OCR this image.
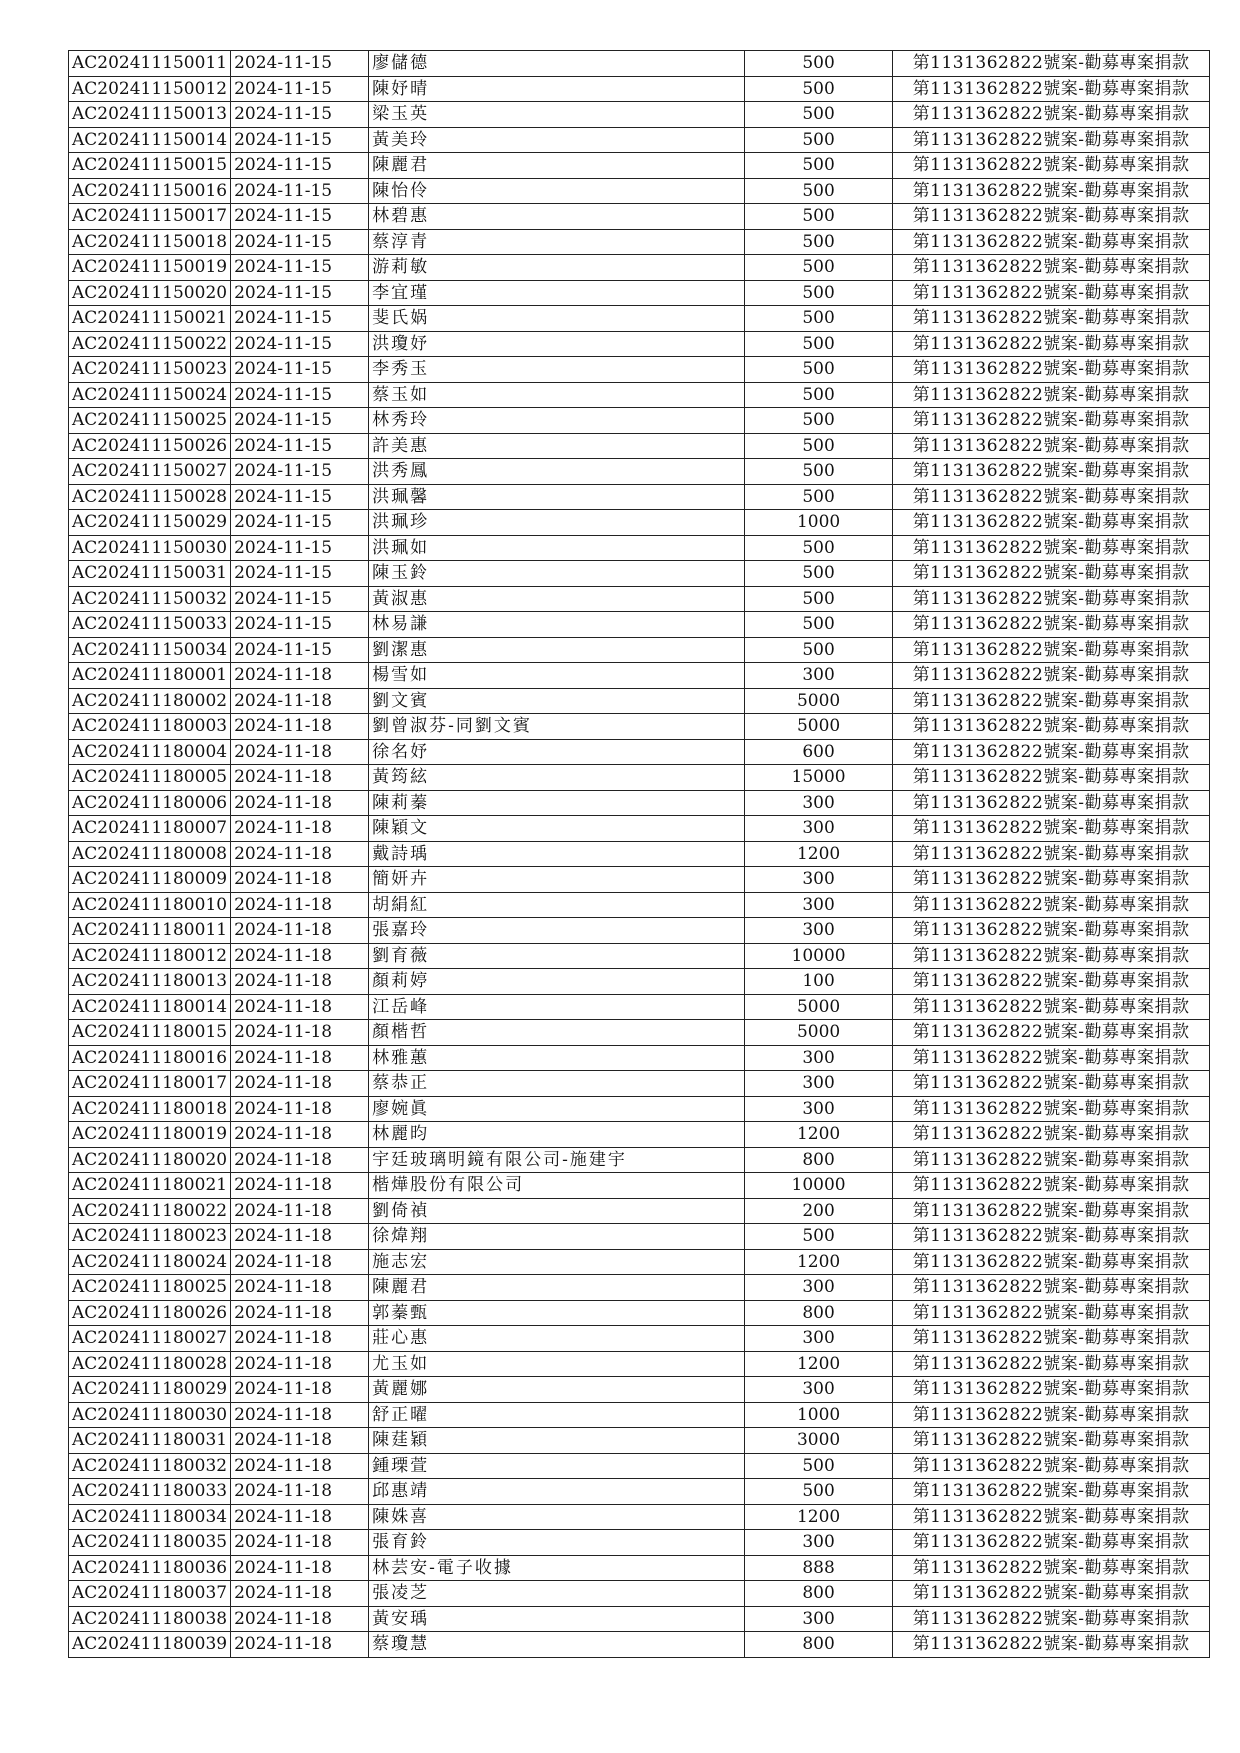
AC202411150011	2024-11-15	廖儲德	500	第1131362822號案-勸募專案捐款
AC202411150012	2024-11-15	陳妤晴	500	第1131362822號案-勸募專案捐款
AC202411150013	2024-11-15	梁玉英	500	第1131362822號案-勸募專案捐款
AC202411150014	2024-11-15	黃美玲	500	第1131362822號案-勸募專案捐款
AC202411150015	2024-11-15	陳麗君	500	第1131362822號案-勸募專案捐款
AC202411150016	2024-11-15	陳怡伶	500	第1131362822號案-勸募專案捐款
AC202411150017	2024-11-15	林碧惠	500	第1131362822號案-勸募專案捐款
AC202411150018	2024-11-15	蔡淳青	500	第1131362822號案-勸募專案捐款
AC202411150019	2024-11-15	游莉敏	500	第1131362822號案-勸募專案捐款
AC202411150020	2024-11-15	李宜瑾	500	第1131362822號案-勸募專案捐款
AC202411150021	2024-11-15	斐氏娲	500	第1131362822號案-勸募專案捐款
AC202411150022	2024-11-15	洪瓊妤	500	第1131362822號案-勸募專案捐款
AC202411150023	2024-11-15	李秀玉	500	第1131362822號案-勸募專案捐款
AC202411150024	2024-11-15	蔡玉如	500	第1131362822號案-勸募專案捐款
AC202411150025	2024-11-15	林秀玲	500	第1131362822號案-勸募專案捐款
AC202411150026	2024-11-15	許美惠	500	第1131362822號案-勸募專案捐款
AC202411150027	2024-11-15	洪秀鳳	500	第1131362822號案-勸募專案捐款
AC202411150028	2024-11-15	洪珮馨	500	第1131362822號案-勸募專案捐款
AC202411150029	2024-11-15	洪珮珍	1000	第1131362822號案-勸募專案捐款
AC202411150030	2024-11-15	洪珮如	500	第1131362822號案-勸募專案捐款
AC202411150031	2024-11-15	陳玉鈴	500	第1131362822號案-勸募專案捐款
AC202411150032	2024-11-15	黃淑惠	500	第1131362822號案-勸募專案捐款
AC202411150033	2024-11-15	林易謙	500	第1131362822號案-勸募專案捐款
AC202411150034	2024-11-15	劉潔惠	500	第1131362822號案-勸募專案捐款
AC202411180001	2024-11-18	楊雪如	300	第1131362822號案-勸募專案捐款
AC202411180002	2024-11-18	劉文賓	5000	第1131362822號案-勸募專案捐款
AC202411180003	2024-11-18	劉曾淑芬-同劉文賓	5000	第1131362822號案-勸募專案捐款
AC202411180004	2024-11-18	徐名妤	600	第1131362822號案-勸募專案捐款
AC202411180005	2024-11-18	黃筠絃	15000	第1131362822號案-勸募專案捐款
AC202411180006	2024-11-18	陳莉蓁	300	第1131362822號案-勸募專案捐款
AC202411180007	2024-11-18	陳穎文	300	第1131362822號案-勸募專案捐款
AC202411180008	2024-11-18	戴詩瑀	1200	第1131362822號案-勸募專案捐款
AC202411180009	2024-11-18	簡妍卉	300	第1131362822號案-勸募專案捐款
AC202411180010	2024-11-18	胡絹紅	300	第1131362822號案-勸募專案捐款
AC202411180011	2024-11-18	張嘉玲	300	第1131362822號案-勸募專案捐款
AC202411180012	2024-11-18	劉育薇	10000	第1131362822號案-勸募專案捐款
AC202411180013	2024-11-18	顏莉婷	100	第1131362822號案-勸募專案捐款
AC202411180014	2024-11-18	江岳峰	5000	第1131362822號案-勸募專案捐款
AC202411180015	2024-11-18	顏楷哲	5000	第1131362822號案-勸募專案捐款
AC202411180016	2024-11-18	林雅蕙	300	第1131362822號案-勸募專案捐款
AC202411180017	2024-11-18	蔡恭正	300	第1131362822號案-勸募專案捐款
AC202411180018	2024-11-18	廖婉眞	300	第1131362822號案-勸募專案捐款
AC202411180019	2024-11-18	林麗昀	1200	第1131362822號案-勸募專案捐款
AC202411180020	2024-11-18	宇廷玻璃明鏡有限公司-施建宇	800	第1131362822號案-勸募專案捐款
AC202411180021	2024-11-18	楷燁股份有限公司	10000	第1131362822號案-勸募專案捐款
AC202411180022	2024-11-18	劉倚禎	200	第1131362822號案-勸募專案捐款
AC202411180023	2024-11-18	徐煒翔	500	第1131362822號案-勸募專案捐款
AC202411180024	2024-11-18	施志宏	1200	第1131362822號案-勸募專案捐款
AC202411180025	2024-11-18	陳麗君	300	第1131362822號案-勸募專案捐款
AC202411180026	2024-11-18	郭蓁甄	800	第1131362822號案-勸募專案捐款
AC202411180027	2024-11-18	莊心惠	300	第1131362822號案-勸募專案捐款
AC202411180028	2024-11-18	尤玉如	1200	第1131362822號案-勸募專案捐款
AC202411180029	2024-11-18	黃麗娜	300	第1131362822號案-勸募專案捐款
AC202411180030	2024-11-18	舒正曜	1000	第1131362822號案-勸募專案捐款
AC202411180031	2024-11-18	陳莛穎	3000	第1131362822號案-勸募專案捐款
AC202411180032	2024-11-18	鍾瑮萱	500	第1131362822號案-勸募專案捐款
AC202411180033	2024-11-18	邱惠靖	500	第1131362822號案-勸募專案捐款
AC202411180034	2024-11-18	陳姝喜	1200	第1131362822號案-勸募專案捐款
AC202411180035	2024-11-18	張育鈴	300	第1131362822號案-勸募專案捐款
AC202411180036	2024-11-18	林芸安-電子收據	888	第1131362822號案-勸募專案捐款
AC202411180037	2024-11-18	張凌芝	800	第1131362822號案-勸募專案捐款
AC202411180038	2024-11-18	黃安瑀	300	第1131362822號案-勸募專案捐款
AC202411180039	2024-11-18	蔡瓊慧	800	第1131362822號案-勸募專案捐款
